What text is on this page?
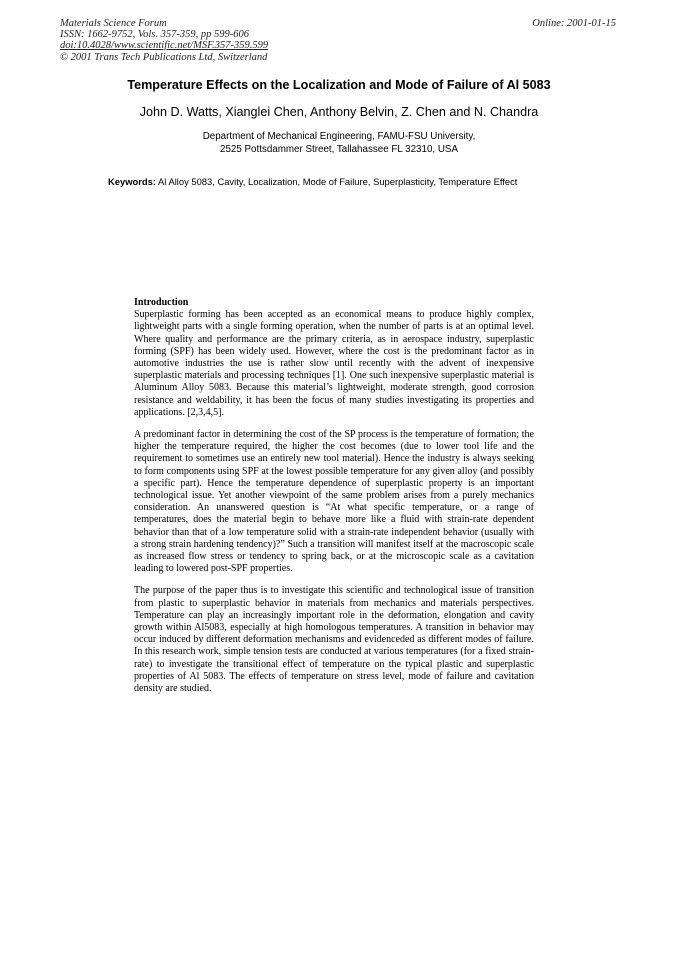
Materials Science Forum
ISSN: 1662-9752, Vols. 357-359, pp 599-606
doi:10.4028/www.scientific.net/MSF.357-359.599
© 2001 Trans Tech Publications Ltd, Switzerland
Online: 2001-01-15
Temperature Effects on the Localization and Mode of Failure of Al 5083
John D. Watts, Xianglei Chen, Anthony Belvin, Z. Chen and N. Chandra
Department of Mechanical Engineering, FAMU-FSU University,
2525 Pottsdammer Street, Tallahassee FL 32310, USA
Keywords: Al Alloy 5083, Cavity, Localization, Mode of Failure, Superplasticity, Temperature Effect
Introduction

Superplastic forming has been accepted as an economical means to produce highly complex, lightweight parts with a single forming operation, when the number of parts is at an optimal level. Where quality and performance are the primary criteria, as in aerospace industry, superplastic forming (SPF) has been widely used. However, where the cost is the predominant factor as in automotive industries the use is rather slow until recently with the advent of inexpensive superplastic materials and processing techniques [1]. One such inexpensive superplastic material is Aluminum Alloy 5083. Because this material’s lightweight, moderate strength, good corrosion resistance and weldability, it has been the focus of many studies investigating its properties and applications. [2,3,4,5].

A predominant factor in determining the cost of the SP process is the temperature of formation; the higher the temperature required, the higher the cost becomes (due to lower tool life and the requirement to sometimes use an entirely new tool material). Hence the industry is always seeking to form components using SPF at the lowest possible temperature for any given alloy (and possibly a specific part). Hence the temperature dependence of superplastic property is an important technological issue. Yet another viewpoint of the same problem arises from a purely mechanics consideration. An unanswered question is “At what specific temperature, or a range of temperatures, does the material begin to behave more like a fluid with strain-rate dependent behavior than that of a low temperature solid with a strain-rate independent behavior (usually with a strong strain hardening tendency)?” Such a transition will manifest itself at the macroscopic scale as increased flow stress or tendency to spring back, or at the microscopic scale as a cavitation leading to lowered post-SPF properties.

The purpose of the paper thus is to investigate this scientific and technological issue of transition from plastic to superplastic behavior in materials from mechanics and materials perspectives. Temperature can play an increasingly important role in the deformation, elongation and cavity growth within Al5083, especially at high homologous temperatures. A transition in behavior may occur induced by different deformation mechanisms and evidenceded as different modes of failure. In this research work, simple tension tests are conducted at various temperatures (for a fixed strain-rate) to investigate the transitional effect of temperature on the typical plastic and superplastic properties of Al 5083. The effects of temperature on stress level, mode of failure and cavitation density are studied.
